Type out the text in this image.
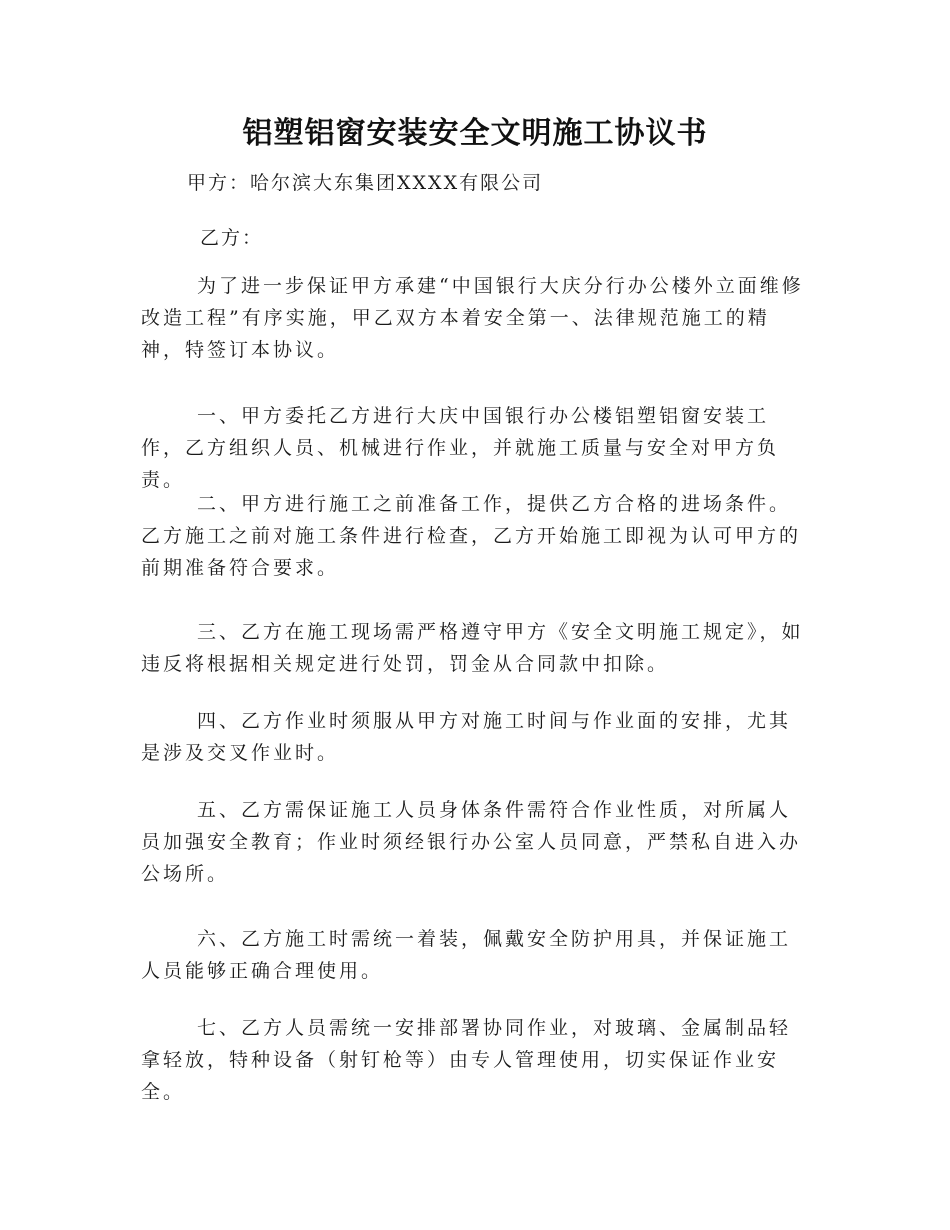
铝塑铝窗安装安全文明施工协议书

甲方：哈尔滨大东集团XXXX有限公司

乙方：

为了进一步保证甲方承建“中国银行大庆分行办公楼外立面维修改造工程”有序实施，甲乙双方本着安全第一、法律规范施工的精神，特签订本协议。

一、甲方委托乙方进行大庆中国银行办公楼铝塑铝窗安装工作，乙方组织人员、机械进行作业，并就施工质量与安全对甲方负责。

二、甲方进行施工之前准备工作，提供乙方合格的进场条件。乙方施工之前对施工条件进行检查，乙方开始施工即视为认可甲方的前期准备符合要求。

三、乙方在施工现场需严格遵守甲方《安全文明施工规定》，如违反将根据相关规定进行处罚，罚金从合同款中扣除。

四、乙方作业时须服从甲方对施工时间与作业面的安排，尤其是涉及交叉作业时。

五、乙方需保证施工人员身体条件需符合作业性质，对所属人员加强安全教育；作业时须经银行办公室人员同意，严禁私自进入办公场所。

六、乙方施工时需统一着装，佩戴安全防护用具，并保证施工人员能够正确合理使用。

七、乙方人员需统一安排部署协同作业，对玻璃、金属制品轻拿轻放，特种设备（射钉枪等）由专人管理使用，切实保证作业安全。
